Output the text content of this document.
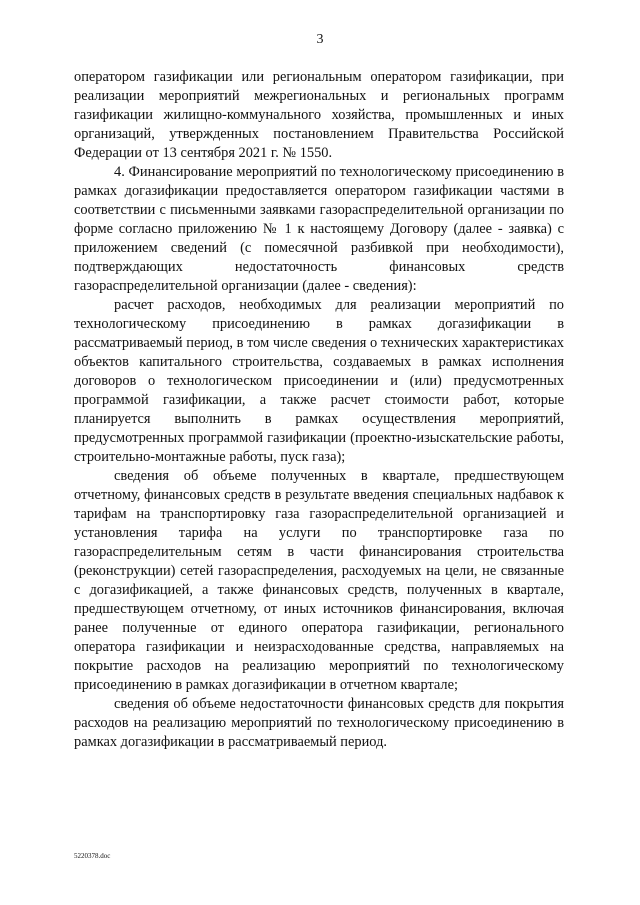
3

оператором газификации или региональным оператором газификации, при реализации мероприятий межрегиональных и региональных программ газификации жилищно-коммунального хозяйства, промышленных и иных организаций, утвержденных постановлением Правительства Российской Федерации от 13 сентября 2021 г. № 1550.

4. Финансирование мероприятий по технологическому присоединению в рамках догазификации предоставляется оператором газификации частями в соответствии с письменными заявками газораспределительной организации по форме согласно приложению № 1 к настоящему Договору (далее - заявка) с приложением сведений (с помесячной разбивкой при необходимости), подтверждающих недостаточность финансовых средств газораспределительной организации (далее - сведения):

расчет расходов, необходимых для реализации мероприятий по технологическому присоединению в рамках догазификации в рассматриваемый период, в том числе сведения о технических характеристиках объектов капитального строительства, создаваемых в рамках исполнения договоров о технологическом присоединении и (или) предусмотренных программой газификации, а также расчет стоимости работ, которые планируется выполнить в рамках осуществления мероприятий, предусмотренных программой газификации (проектно-изыскательские работы, строительно-монтажные работы, пуск газа);

сведения об объеме полученных в квартале, предшествующем отчетному, финансовых средств в результате введения специальных надбавок к тарифам на транспортировку газа газораспределительной организацией и установления тарифа на услуги по транспортировке газа по газораспределительным сетям в части финансирования строительства (реконструкции) сетей газораспределения, расходуемых на цели, не связанные с догазификацией, а также финансовых средств, полученных в квартале, предшествующем отчетному, от иных источников финансирования, включая ранее полученные от единого оператора газификации, регионального оператора газификации и неизрасходованные средства, направляемых на покрытие расходов на реализацию мероприятий по технологическому присоединению в рамках догазификации в отчетном квартале;

сведения об объеме недостаточности финансовых средств для покрытия расходов на реализацию мероприятий по технологическому присоединению в рамках догазификации в рассматриваемый период.

5220378.doc
